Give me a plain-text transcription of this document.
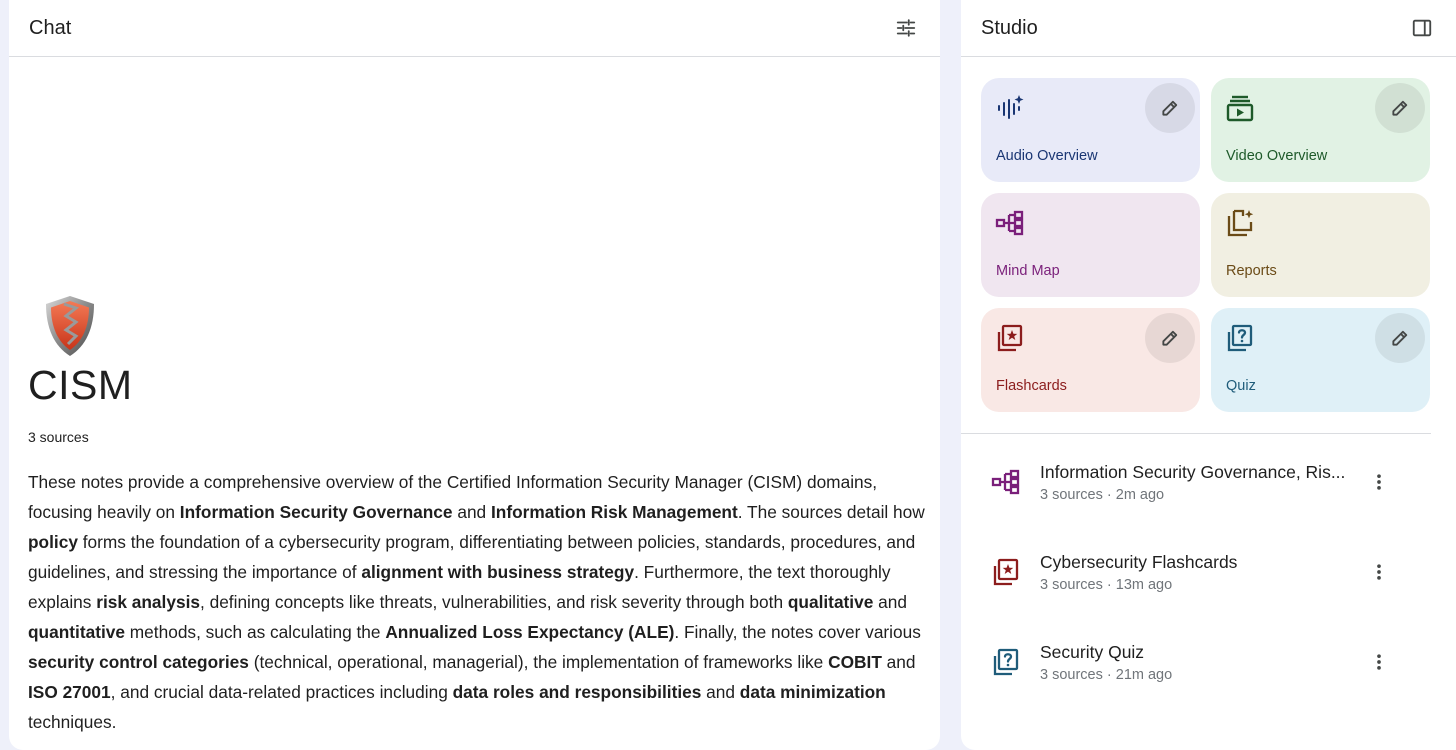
Chat
CISM
3 sources

These notes provide a comprehensive overview of the Certified Information Security Manager (CISM) domains, focusing heavily on Information Security Governance and Information Risk Management. The sources detail how policy forms the foundation of a cybersecurity program, differentiating between policies, standards, procedures, and guidelines, and stressing the importance of alignment with business strategy. Furthermore, the text thoroughly explains risk analysis, defining concepts like threats, vulnerabilities, and risk severity through both qualitative and quantitative methods, such as calculating the Annualized Loss Expectancy (ALE). Finally, the notes cover various security control categories (technical, operational, managerial), the implementation of frameworks like COBIT and ISO 27001, and crucial data-related practices including data roles and responsibilities and data minimization techniques.

Studio
Audio Overview	Video Overview
Mind Map	Reports
Flashcards	Quiz
Information Security Governance, Ris...
3 sources · 2m ago
Cybersecurity Flashcards
3 sources · 13m ago
Security Quiz
3 sources · 21m ago
